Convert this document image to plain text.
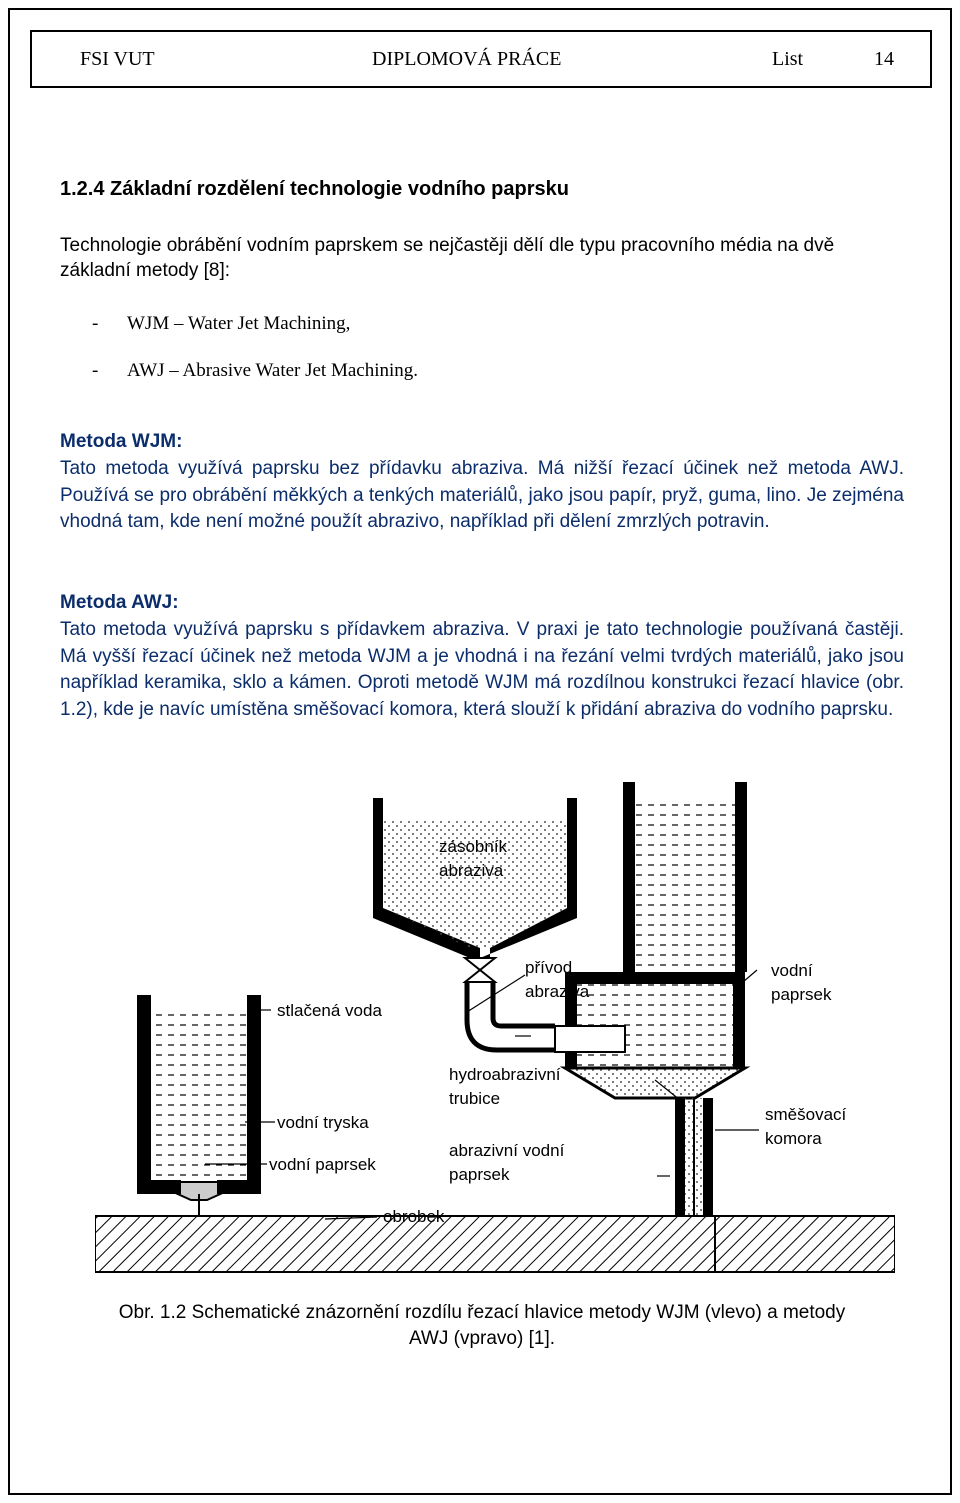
FSI VUT	DIPLOMOVÁ PRÁCE	List	14
1.2.4 Základní rozdělení technologie vodního paprsku
Technologie obrábění vodním paprskem se nejčastěji dělí dle typu pracovního média na dvě základní metody [8]:
- WJM – Water Jet Machining,
- AWJ – Abrasive Water Jet Machining.
Metoda WJM:
Tato metoda využívá paprsku bez přídavku abraziva. Má nižší řezací účinek než metoda AWJ. Používá se pro obrábění měkkých a tenkých materiálů, jako jsou papír, pryž, guma, lino. Je zejména vhodná tam, kde není možné použít abrazivo, například při dělení zmrzlých potravin.
Metoda AWJ:
Tato metoda využívá paprsku s přídavkem abraziva. V praxi je tato technologie používaná častěji. Má vyšší řezací účinek než metoda WJM a je vhodná i na řezání velmi tvrdých materiálů, jako jsou například keramika, sklo a kámen. Oproti metodě WJM má rozdílnou konstrukci řezací hlavice (obr. 1.2), kde je navíc umístěna směšovací komora, která slouží k přidání abraziva do vodního paprsku.
zásobník
abraziva
přívod
abraziva
vodní
paprsek
stlačená voda
hydroabrazivní
trubice
vodní tryska	směšovací
komora
abrazivní vodní
paprsek
vodní paprsek
obrobek
Obr. 1.2 Schematické znázornění rozdílu řezací hlavice metody WJM (vlevo) a metody
AWJ (vpravo) [1].
